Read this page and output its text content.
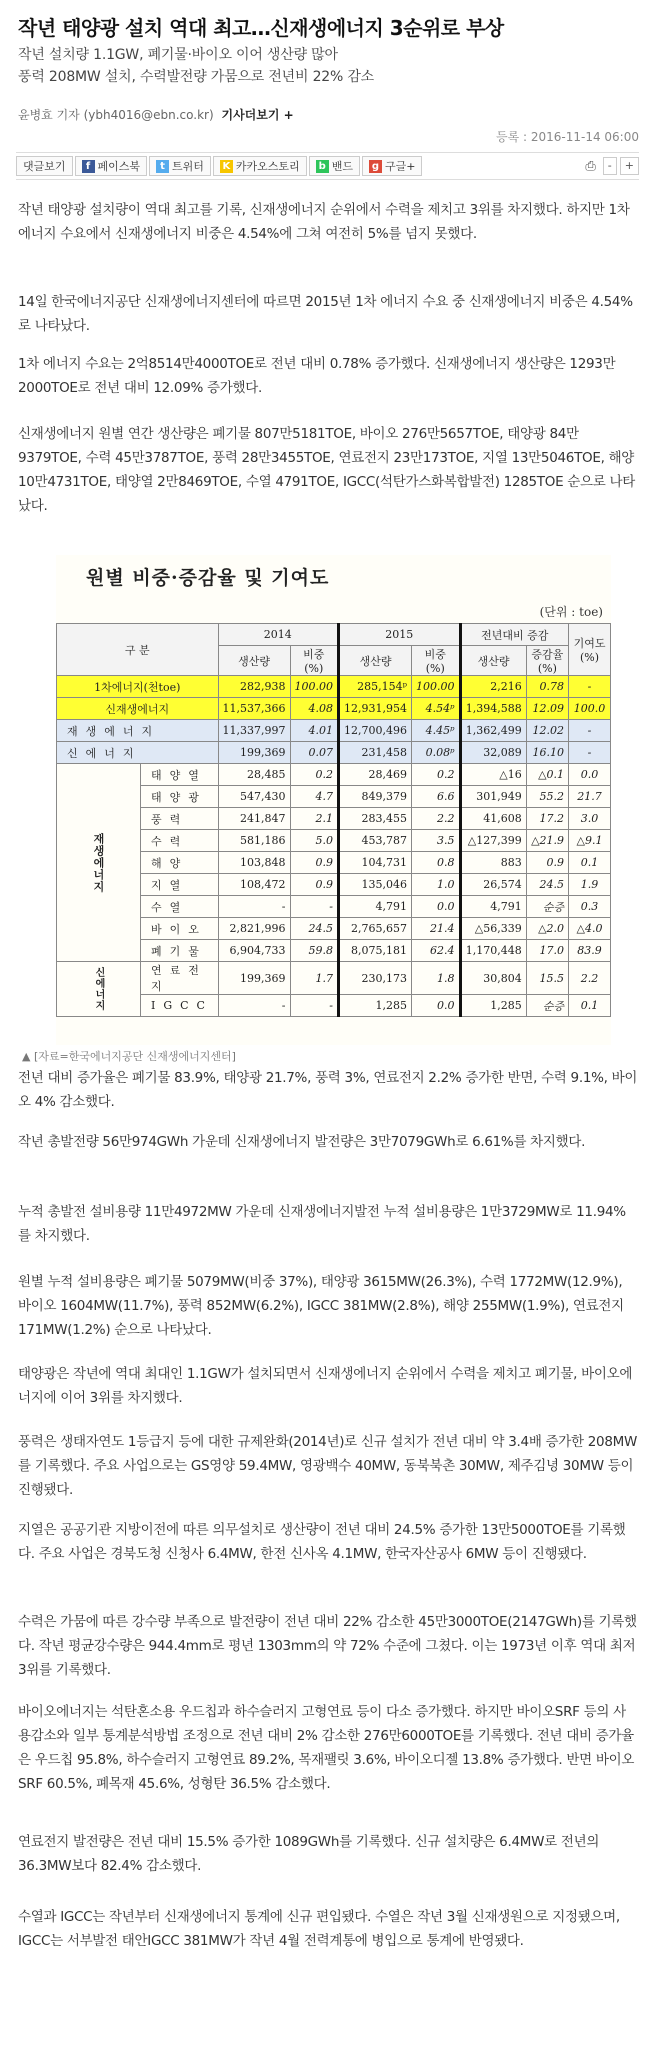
작년 태양광 설치 역대 최고…신재생에너지 3순위로 부상
작년 설치량 1.1GW, 폐기물·바이오 이어 생산량 많아
풍력 208MW 설치, 수력발전량 가뭄으로 전년비 22% 감소
윤병효 기자 (ybh4016@ebn.co.kr) 기사더보기 +
등록 : 2016-11-14 06:00
댓글보기	f 페이스북	t 트위터 K 카카오스토리 b 밴드 g 구글+	⎙	-	+
작년 태양광 설치량이 역대 최고를 기록, 신재생에너지 순위에서 수력을 제치고 3위를 차지했다. 하지만 1차 에너지 수요에서 신재생에너지 비중은 4.54%에 그쳐 여전히 5%를 넘지 못했다.
14일 한국에너지공단 신재생에너지센터에 따르면 2015년 1차 에너지 수요 중 신재생에너지 비중은 4.54%로 나타났다.
1차 에너지 수요는 2억8514만4000TOE로 전년 대비 0.78% 증가했다. 신재생에너지 생산량은 1293만2000TOE로 전년 대비 12.09% 증가했다.
신재생에너지 원별 연간 생산량은 폐기물 807만5181TOE, 바이오 276만5657TOE, 태양광 84만9379TOE, 수력 45만3787TOE, 풍력 28만3455TOE, 연료전지 23만173TOE, 지열 13만5046TOE, 해양 10만4731TOE, 태양열 2만8469TOE, 수열 4791TOE, IGCC(석탄가스화복합발전) 1285TOE 순으로 나타났다.
원별 비중·증감율 및 기여도
(단위 : toe)
구 분		2014		2015		전년대비 증감		기여도 (%)
		생산량	비중(%)	생산량	비중(%)	생산량	증감율(%)	
1차에너지(천toe)		282,938	100.00	285,154ᵖ	100.00	2,216	0.78	-
신재생에너지		11,537,366	4.08	12,931,954	4.54ᵖ	1,394,588	12.09	100.0
재생에너지		11,337,997	4.01	12,700,496	4.45ᵖ	1,362,499	12.02	-
신에너지		199,369	0.07	231,458	0.08ᵖ	32,089	16.10	-
재생에너지	태양열	28,485	0.2	28,469	0.2	△16	△0.1	0.0
	태양광	547,430	4.7	849,379	6.6	301,949	55.2	21.7
	풍력	241,847	2.1	283,455	2.2	41,608	17.2	3.0
	수력	581,186	5.0	453,787	3.5	△127,399	△21.9	△9.1
	해양	103,848	0.9	104,731	0.8	883	0.9	0.1
	지열	108,472	0.9	135,046	1.0	26,574	24.5	1.9
	수열	-	-	4,791	0.0	4,791	순증	0.3
	바이오	2,821,996	24.5	2,765,657	21.4	△56,339	△2.0	△4.0
	폐기물	6,904,733	59.8	8,075,181	62.4	1,170,448	17.0	83.9
신에너지	연료전지	199,369	1.7	230,173	1.8	30,804	15.5	2.2
	IGCC	-	-	1,285	0.0	1,285	순증	0.1
▲ [자료=한국에너지공단 신재생에너지센터]
전년 대비 증가율은 폐기물 83.9%, 태양광 21.7%, 풍력 3%, 연료전지 2.2% 증가한 반면, 수력 9.1%, 바이오 4% 감소했다.
작년 총발전량 56만974GWh 가운데 신재생에너지 발전량은 3만7079GWh로 6.61%를 차지했다.
누적 총발전 설비용량 11만4972MW 가운데 신재생에너지발전 누적 설비용량은 1만3729MW로 11.94%를 차지했다.
원별 누적 설비용량은 폐기물 5079MW(비중 37%), 태양광 3615MW(26.3%), 수력 1772MW(12.9%), 바이오 1604MW(11.7%), 풍력 852MW(6.2%), IGCC 381MW(2.8%), 해양 255MW(1.9%), 연료전지 171MW(1.2%) 순으로 나타났다.
태양광은 작년에 역대 최대인 1.1GW가 설치되면서 신재생에너지 순위에서 수력을 제치고 폐기물, 바이오에너지에 이어 3위를 차지했다.
풍력은 생태자연도 1등급지 등에 대한 규제완화(2014년)로 신규 설치가 전년 대비 약 3.4배 증가한 208MW를 기록했다. 주요 사업으로는 GS영양 59.4MW, 영광백수 40MW, 동북북촌 30MW, 제주김녕 30MW 등이 진행됐다.
지열은 공공기관 지방이전에 따른 의무설치로 생산량이 전년 대비 24.5% 증가한 13만5000TOE를 기록했다. 주요 사업은 경북도청 신청사 6.4MW, 한전 신사옥 4.1MW, 한국자산공사 6MW 등이 진행됐다.
수력은 가뭄에 따른 강수량 부족으로 발전량이 전년 대비 22% 감소한 45만3000TOE(2147GWh)를 기록했다. 작년 평균강수량은 944.4mm로 평년 1303mm의 약 72% 수준에 그쳤다. 이는 1973년 이후 역대 최저 3위를 기록했다.
바이오에너지는 석탄혼소용 우드칩과 하수슬러지 고형연료 등이 다소 증가했다. 하지만 바이오SRF 등의 사용감소와 일부 통계분석방법 조정으로 전년 대비 2% 감소한 276만6000TOE를 기록했다. 전년 대비 증가율은 우드칩 95.8%, 하수슬러지 고형연료 89.2%, 목재팰릿 3.6%, 바이오디젤 13.8% 증가했다. 반면 바이오SRF 60.5%, 폐목재 45.6%, 성형탄 36.5% 감소했다.
연료전지 발전량은 전년 대비 15.5% 증가한 1089GWh를 기록했다. 신규 설치량은 6.4MW로 전년의 36.3MW보다 82.4% 감소했다.
수열과 IGCC는 작년부터 신재생에너지 통계에 신규 편입됐다. 수열은 작년 3월 신재생원으로 지정됐으며, IGCC는 서부발전 태안IGCC 381MW가 작년 4월 전력계통에 병입으로 통계에 반영됐다.
